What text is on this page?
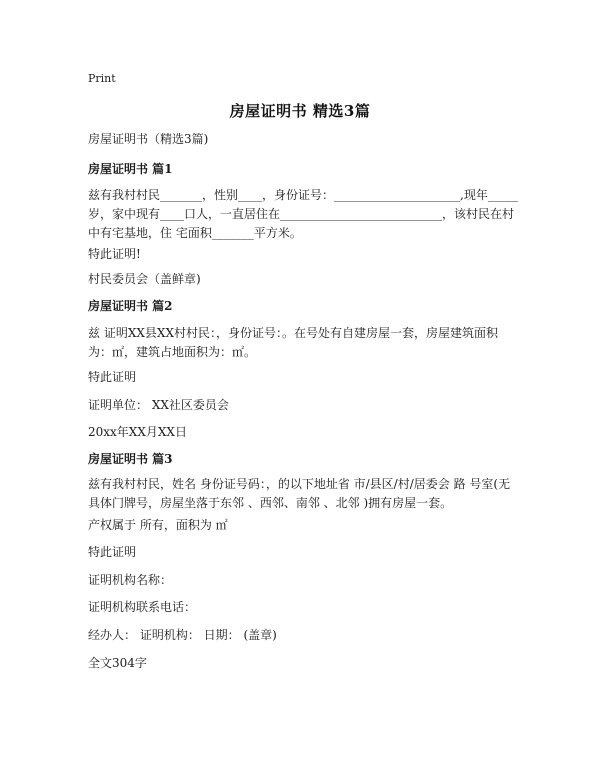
Print
房屋证明书 精选3篇
房屋证明书（精选3篇)
房屋证明书 篇1
兹有我村村民_______，性别____，身份证号：_____________________,现年_____岁，家中现有____口人，一直居住在___________________________，该村民在村中有宅基地，住 宅面积_______平方米。
特此证明!
村民委员会（盖鲜章)
房屋证明书 篇2
兹 证明XX县XX村村民：，身份证号：。在号处有自建房屋一套，房屋建筑面积为：㎡，建筑占地面积为：㎡。
特此证明
证明单位： XX社区委员会
20xx年XX月XX日
房屋证明书 篇3
兹有我村村民，姓名 身份证号码：，的以下地址省 市/县区/村/居委会 路 号室(无具体门牌号，房屋坐落于东邻 、西邻、南邻 、北邻 )拥有房屋一套。
产权属于 所有，面积为 ㎡
特此证明
证明机构名称：
证明机构联系电话：
经办人： 证明机构： 日期： (盖章)
全文304字
